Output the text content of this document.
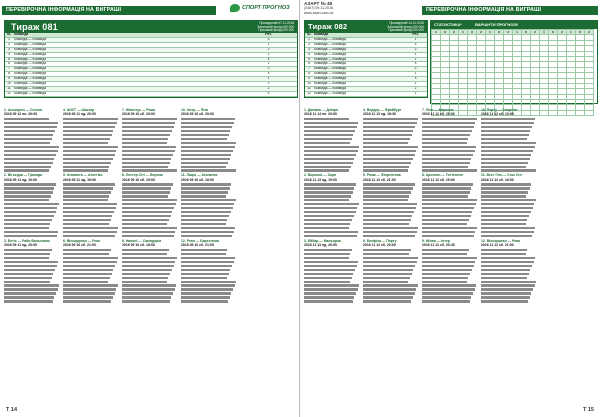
ПЕРЕВІРОЧНА ІНФОРМАЦІЯ НА ВИГРАШІ	СПОРТ ПРОГНОЗ
Тираж 081	Проведений 07.11.2016
Загальний фонд 000 000
Призовий фонд 000 000
№	Команди	Рез.
1	Команда — Команда	X
2	Команда — Команда	1
3	Команда — Команда	2
4	Команда — Команда	1
5	Команда — Команда	X
6	Команда — Команда	1
7	Команда — Команда	2
8	Команда — Команда	X
9	Команда — Команда	1
10	Команда — Команда	1
11	Команда — Команда	2
12	Команда — Команда	X
1. Алькорон — Сельта
2016 09 12 пн. 20:00
2. Вігьєрра — Гранада
2016 09 11 нд. 19:00
3. Бетіс — Райо Вальєкано
2016 09 11 нд. 20:00
4. АНУТ — Шахтар
2016 09 11 нд. 20:00
5. Аталанта — Атлетіко
2016 09 11 нд. 19:00
6. Вільярреал — Реал
2016 09 10 сб. 21:00
7. Ювентус — Рома
2016 09 10 сб. 20:00
8. Лестер Сіті — Верона
2016 09 10 сб. 19:00
9. Наполі — Сампдорія
2016 09 10 сб. 18:00
10. Інтер — Піза
2016 09 10 сб. 20:00
11. Лаціо — Аталанта
2016 09 10 сб. 18:00
12. Реал — Барселона
2016 09 10 сб. 21:00
Т 14
АЗАРТ № 48
(2467) 09.11.2016
www.azart.com.ua	ПЕРЕВІРОЧНА ІНФОРМАЦІЯ НА ВИГРАШІ
Тираж 082	Проведений 14.11.2016
Загальний фонд 000 000
Призовий фонд 000 000
№	Команди	Рез.
1	Команда — Команда	1
2	Команда — Команда	X
3	Команда — Команда	2
4	Команда — Команда	1
5	Команда — Команда	1
6	Команда — Команда	X
7	Команда — Команда	2
8	Команда — Команда	1
9	Команда — Команда	X
10	Команда — Команда	1
11	Команда — Команда	2
12	Команда — Команда	1
СТАТИСТИКА*	ВАРІАНТИ ПРОГНОЗУ
1	X	2	1	X	2	1	X	2	1	X	2	1	X	2	1	X	2

1. Динамо — Дніпро
2016 11 14 пн. 20:00
2. Ворскла — Зоря
2016 11 13 нд. 19:00
3. Ейбар — Мальорка
2016 11 13 нд. 20:00
4. Вердер — Фрайбург
2016 11 13 нд. 18:30
5. Рома — Фіорентина
2016 11 12 сб. 21:00
6. Бенфіка — Порту
2016 11 12 сб. 20:00
7. Ліон — Марсель
2016 11 12 сб. 21:00
8. Арсенал — Тоттенгем
2016 11 12 сб. 19:00
9. Мілан — Інтер
2016 11 12 сб. 20:45
10. Порту — Спортінг
2016 11 12 сб. 19:00
11. Вест Гем — Сток Сіті
2016 11 12 сб. 18:00
12. Вільярреал — Реал
2016 11 12 сб. 21:00
Т 15
